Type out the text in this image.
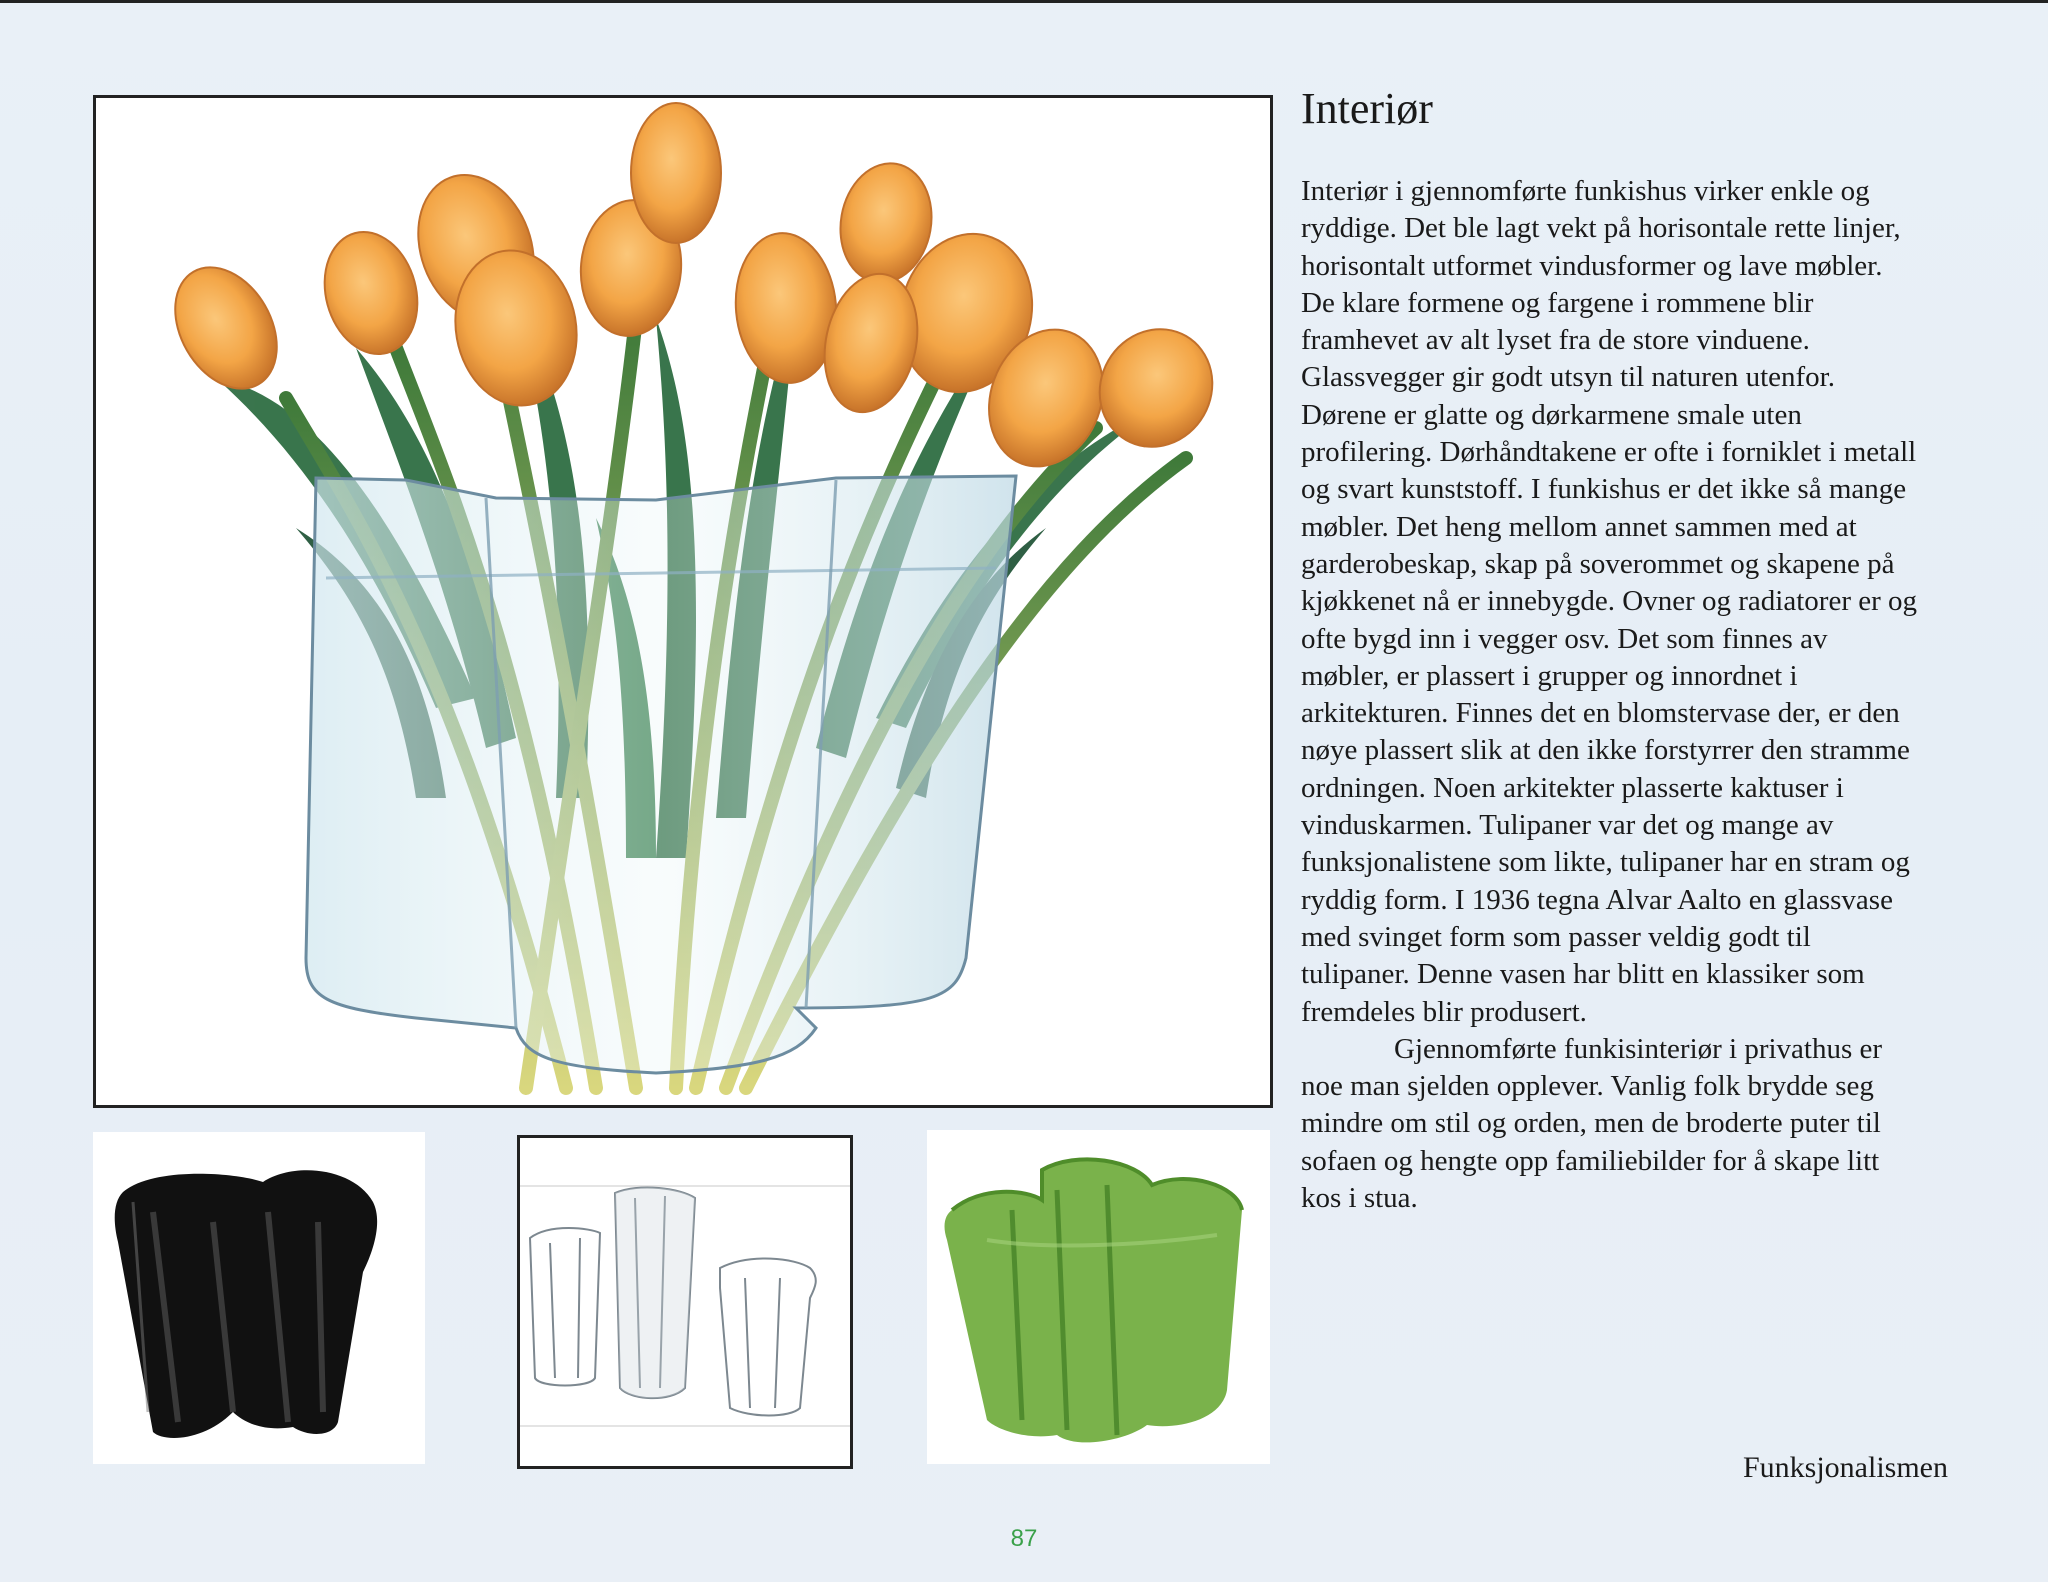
Interiør

Interiør i gjennomførte funkishus virker enkle og ryddige. Det ble lagt vekt på horisontale rette linjer, horisontalt utformet vindusformer og lave møbler. De klare formene og fargene i rommene blir framhevet av alt lyset fra de store vinduene. Glassvegger gir godt utsyn til naturen utenfor. Dørene er glatte og dørkarmene smale uten profilering. Dørhåndtakene er ofte i forniklet i metall og svart kunststoff. I funkishus er det ikke så mange møbler. Det heng mellom annet sammen med at garderobeskap, skap på soverommet og skapene på kjøkkenet nå er innebygde. Ovner og radiatorer er og ofte bygd inn i vegger osv. Det som finnes av møbler, er plassert i grupper og innordnet i arkitekturen. Finnes det en blomstervase der, er den nøye plassert slik at den ikke forstyrrer den stramme ordningen. Noen arkitekter plasserte kaktuser i vinduskarmen. Tulipaner var det og mange av funksjonalistene som likte, tulipaner har en stram og ryddig form. I 1936 tegna Alvar Aalto en glassvase med svinget form som passer veldig godt til tulipaner. Denne vasen har blitt en klassiker som fremdeles blir produsert.

Gjennomførte funkisinteriør i privathus er noe man sjelden opplever. Vanlig folk brydde seg mindre om stil og orden, men de broderte puter til sofaen og hengte opp familiebilder for å skape litt kos i stua.

Funksjonalismen
87
